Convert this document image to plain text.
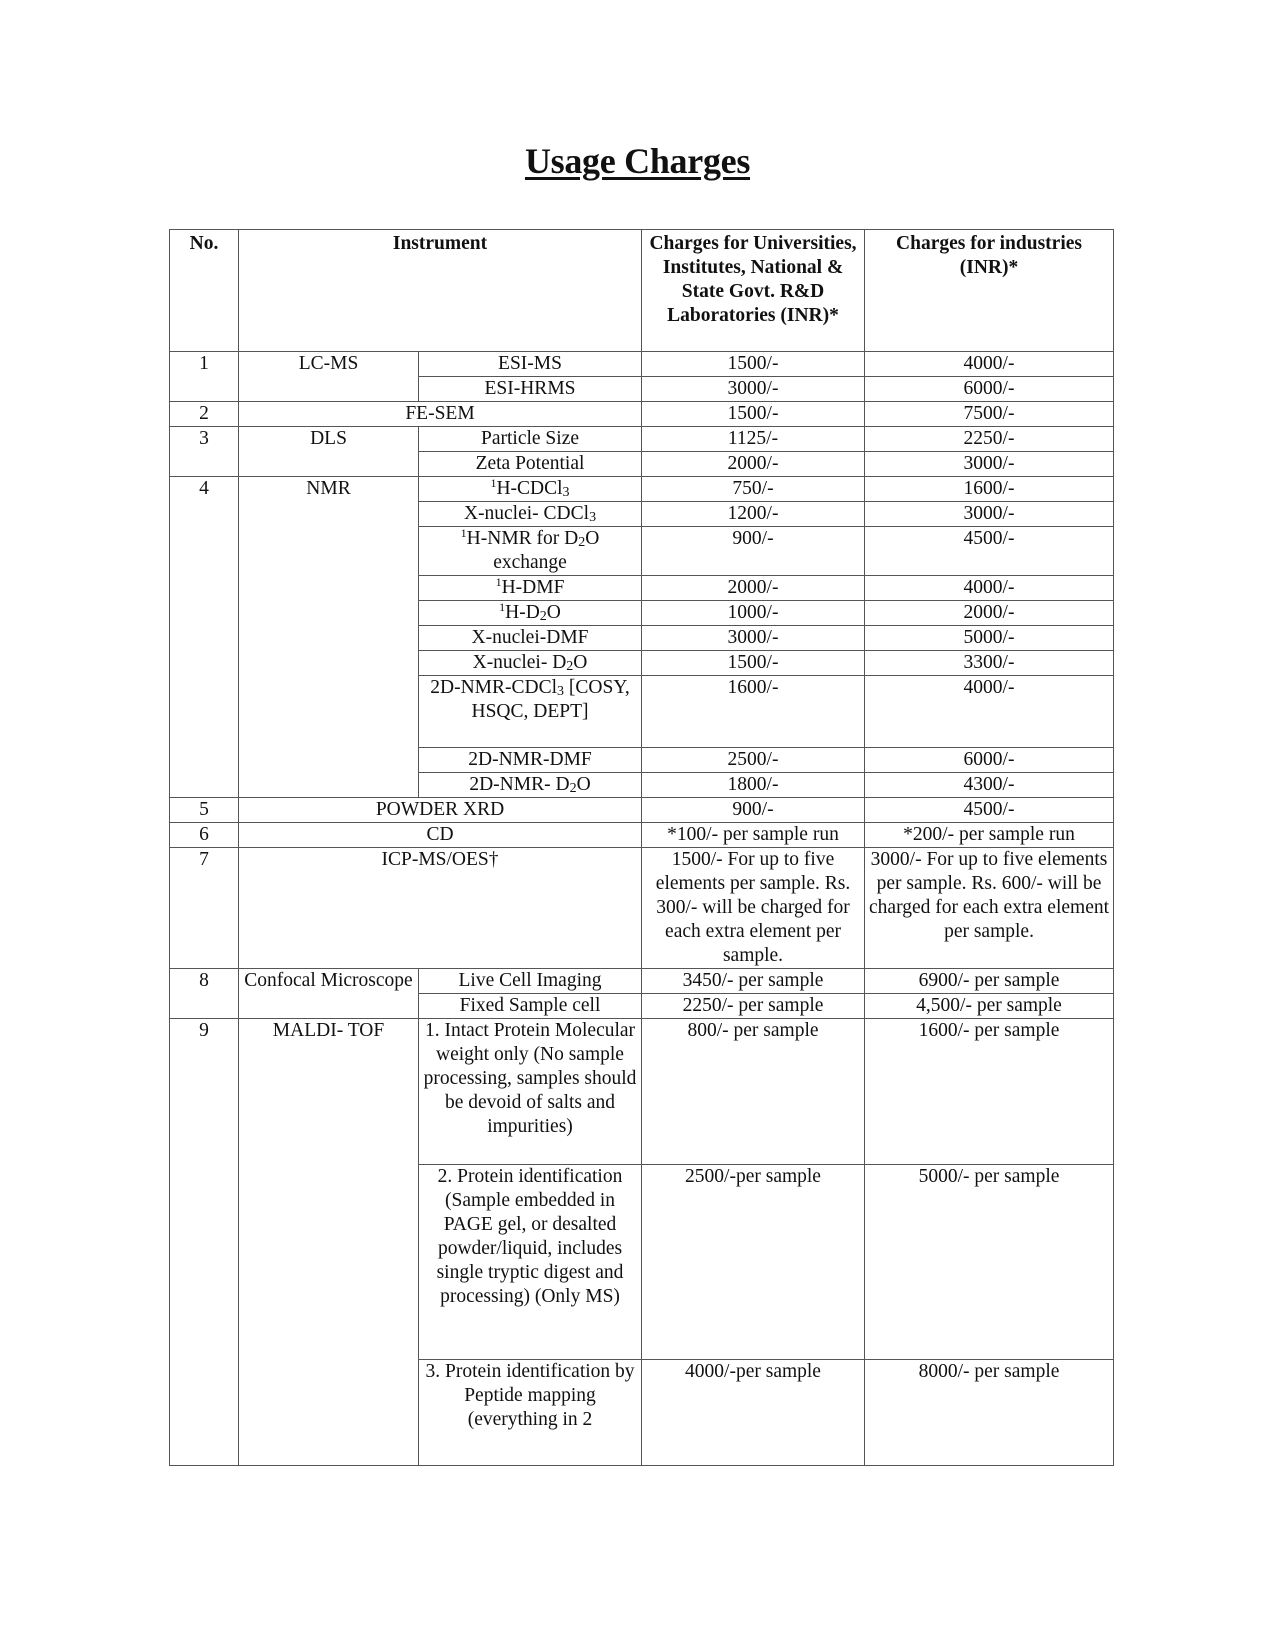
Usage Charges
No.	Instrument		Charges for Universities, Institutes, National & State Govt. R&D Laboratories (INR)*	Charges for industries (INR)*
1	LC-MS	ESI-MS	1500/-	4000/-
		ESI-HRMS	3000/-	6000/-
2	FE-SEM		1500/-	7500/-
3	DLS	Particle Size	1125/-	2250/-
		Zeta Potential	2000/-	3000/-
4	NMR	$^1$H-CDCl$_3$	750/-	1600/-
		X-nuclei- CDCl$_3$	1200/-	3000/-
		$^1$H-NMR for $D_2O$ exchange	900/-	4500/-
		$^1$H-DMF	2000/-	4000/-
		$^1H-D_2O$	1000/-	2000/-
		X-nuclei-DMF	3000/-	5000/-
		X-nuclei- $D_2O$	1500/-	3300/-
		2D-NMR-CDCl$_3$ [COSY, HSQC, DEPT]	1600/-	4000/-
		2D-NMR-DMF	2500/-	6000/-
		2D-NMR- $D_2O$	1800/-	4300/-
5	POWDER XRD		900/-	4500/-
6	CD		*100/- per sample run	*200/- per sample run
7	ICP-MS/OES†		1500/- For up to five elements per sample. Rs. 300/- will be charged for each extra element per sample.	3000/- For up to five elements per sample. Rs. 600/- will be charged for each extra element per sample.
8	Confocal Microscope	Live Cell Imaging	3450/- per sample	6900/- per sample
		Fixed Sample cell	2250/- per sample	4,500/- per sample
9	MALDI- TOF	1. Intact Protein Molecular weight only (No sample processing, samples should be devoid of salts and impurities)	800/- per sample	1600/- per sample
		2. Protein identification (Sample embedded in PAGE gel, or desalted powder/liquid, includes single tryptic digest and processing) (Only MS)	2500/-per sample	5000/- per sample
		3. Protein identification by Peptide mapping (everything in 2	4000/-per sample	8000/- per sample
